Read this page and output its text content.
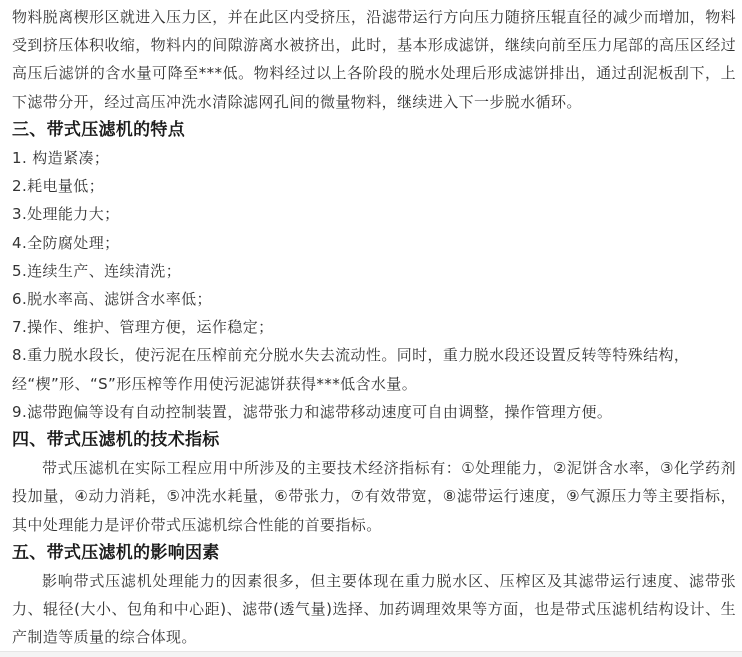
物料脱离楔形区就进入压力区，并在此区内受挤压，沿滤带运行方向压力随挤压辊直径的减少而增加，物料受到挤压体积收缩，物料内的间隙游离水被挤出，此时，基本形成滤饼，继续向前至压力尾部的高压区经过高压后滤饼的含水量可降至***低。物料经过以上各阶段的脱水处理后形成滤饼排出，通过刮泥板刮下，上下滤带分开，经过高压冲洗水清除滤网孔间的微量物料，继续进入下一步脱水循环。

三、带式压滤机的特点

1. 构造紧凑；

2.耗电量低；

3.处理能力大；

4.全防腐处理；

5.连续生产、连续清洗；

6.脱水率高、滤饼含水率低；

7.操作、维护、管理方便，运作稳定；

8.重力脱水段长，使污泥在压榨前充分脱水失去流动性。同时，重力脱水段还设置反转等特殊结构，经“楔”形、“S”形压榨等作用使污泥滤饼获得***低含水量。

9.滤带跑偏等设有自动控制装置，滤带张力和滤带移动速度可自由调整，操作管理方便。

四、带式压滤机的技术指标

带式压滤机在实际工程应用中所涉及的主要技术经济指标有：①处理能力，②泥饼含水率，③化学药剂投加量，④动力消耗，⑤冲洗水耗量，⑥带张力，⑦有效带宽，⑧滤带运行速度，⑨气源压力等主要指标，其中处理能力是评价带式压滤机综合性能的首要指标。

五、带式压滤机的影响因素

影响带式压滤机处理能力的因素很多，但主要体现在重力脱水区、压榨区及其滤带运行速度、滤带张力、辊径(大小、包角和中心距)、滤带(透气量)选择、加药调理效果等方面，也是带式压滤机结构设计、生产制造等质量的综合体现。
